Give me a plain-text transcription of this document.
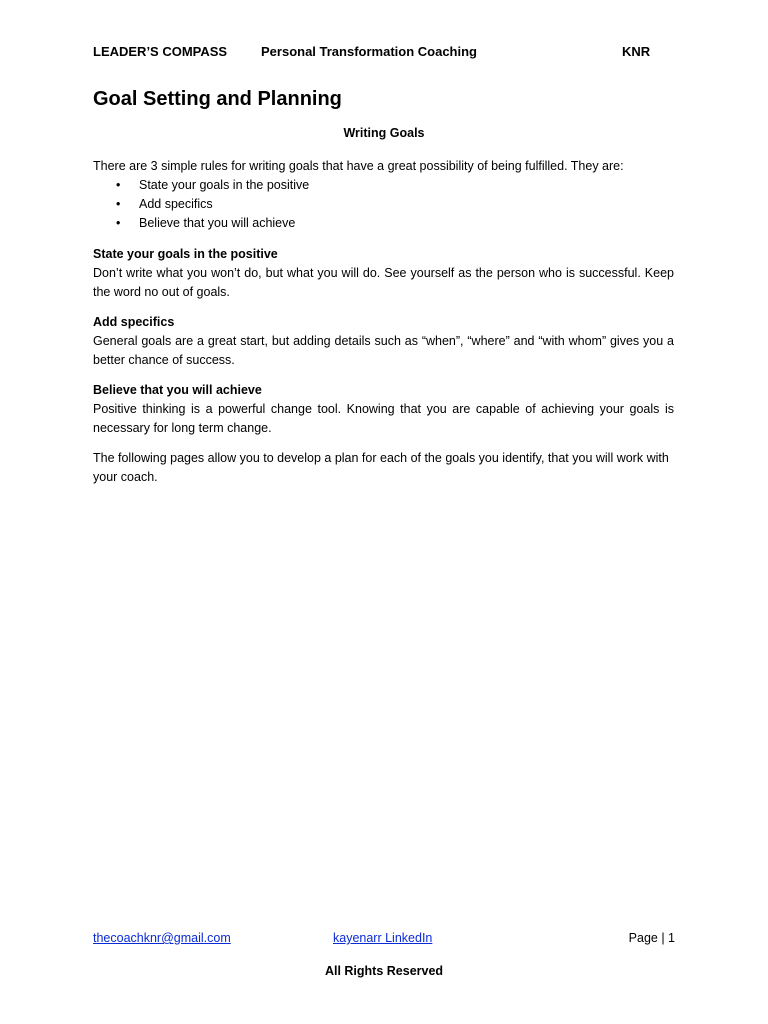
LEADER’S COMPASS	Personal Transformation Coaching	KNR
Goal Setting and Planning
Writing Goals

There are 3 simple rules for writing goals that have a great possibility of being fulfilled. They are:

• State your goals in the positive
• Add specifics
• Believe that you will achieve

State your goals in the positive

Don’t write what you won’t do, but what you will do. See yourself as the person who is successful. Keep the word no out of goals.

Add specifics

General goals are a great start, but adding details such as “when”, “where” and “with whom” gives you a better chance of success.

Believe that you will achieve

Positive thinking is a powerful change tool. Knowing that you are capable of achieving your goals is necessary for long term change.

The following pages allow you to develop a plan for each of the goals you identify, that you will work with your coach.

thecoachknr@gmail.com	kayenarr LinkedIn	Page | 1
All Rights Reserved
